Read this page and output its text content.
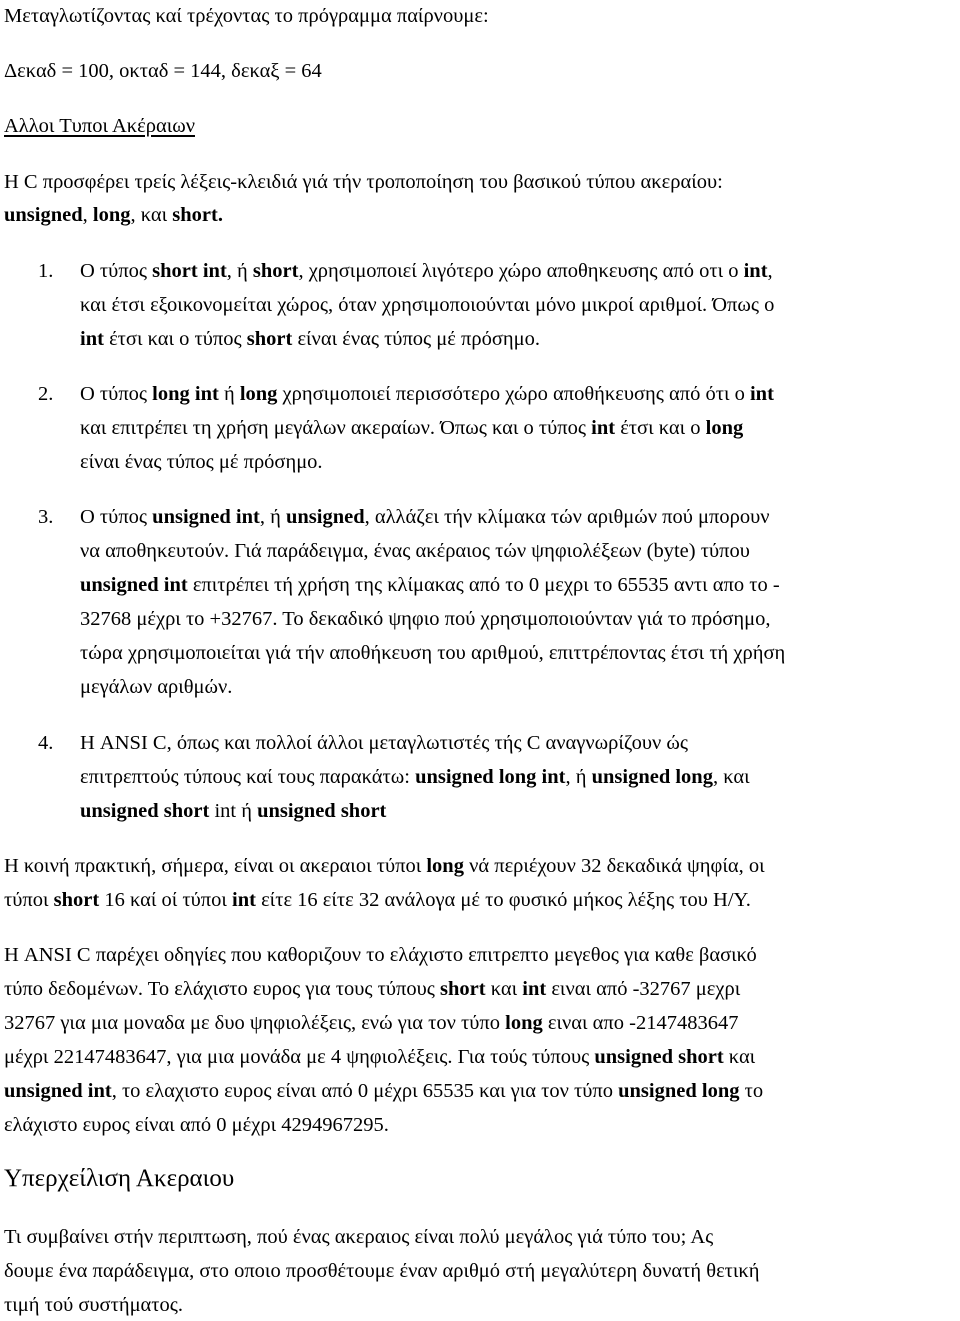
Μεταγλωτίζοντας καί τρέχοντας το πρόγραμμα παίρνουμε:
Δεκαδ = 100, οκταδ = 144, δεκαξ = 64
Αλλοι Τυποι Ακέραιων
Η C προσφέρει τρείς λέξεις-κλειδιά γιά τήν τροποποίηση του βασικού τύπου ακεραίου:
unsigned, long, και short.
1. Ο τύπος short int, ή short, χρησιμοποιεί λιγότερο χώρο αποθηκευσης από οτι ο int,
και έτσι εξοικονομείται χώρος, όταν χρησιμοποιούνται μόνο μικροί αριθμοί. Όπως ο
int έτσι και ο τύπος short είναι ένας τύπος μέ πρόσημο.
2. Ο τύπος long int ή long χρησιμοποιεί περισσότερο χώρο αποθήκευσης από ότι ο int
και επιτρέπει τη χρήση μεγάλων ακεραίων. Όπως και ο τύπος int έτσι και ο long
είναι ένας τύπος μέ πρόσημο.
3. Ο τύπος unsigned int, ή unsigned, αλλάζει τήν κλίμακα τών αριθμών πού μπορουν
να αποθηκευτούν. Γιά παράδειγμα, ένας ακέραιος τών ψηφιολέξεων (byte) τύπου
unsigned int επιτρέπει τή χρήση της κλίμακας από το 0 μεχρι το 65535 αντι απο το -
32768 μέχρι το +32767. Το δεκαδικό ψηφιο πού χρησιμοποιούνταν γιά το πρόσημο,
τώρα χρησιμοποιείται γιά τήν αποθήκευση του αριθμού, επιττρέποντας έτσι τή χρήση
μεγάλων αριθμών.
4. Η ANSI C, όπως και πολλοί άλλοι μεταγλωτιστές τής C αναγνωρίζουν ώς
επιτρεπτούς τύπους καί τους παρακάτω: unsigned long int, ή unsigned long, και
unsigned short int ή unsigned short
Η κοινή πρακτική, σήμερα, είναι οι ακεραιοι τύποι long νά περιέχουν 32 δεκαδικά ψηφία, οι
τύποι short 16 καί οί τύποι int είτε 16 είτε 32 ανάλογα μέ το φυσικό μήκος λέξης του Η/Υ.
Η ANSI C παρέχει οδηγίες που καθοριζουν το ελάχιστο επιτρεπτο μεγεθος για καθε βασικό
τύπο δεδομένων. Το ελάχιστο ευρος για τους τύπους short και int ειναι από -32767 μεχρι
32767 για μια μοναδα με δυο ψηφιολέξεις, ενώ για τον τύπο long ειναι απο -2147483647
μέχρι 22147483647, για μια μονάδα με 4 ψηφιολέξεις. Για τούς τύπους unsigned short και
unsigned int, το ελαχιστο ευρος είναι από 0 μέχρι 65535 και για τον τύπο unsigned long το
ελάχιστο ευρος είναι από 0 μέχρι 4294967295.
Υπερχείλιση Ακεραιου
Τι συμβαίνει στήν περιπτωση, πού ένας ακεραιος είναι πολύ μεγάλος γιά τύπο του; Ας
δουμε ένα παράδειγμα, στο οποιο προσθέτουμε έναν αριθμό στή μεγαλύτερη δυνατή θετική
τιμή τού συστήματος.
